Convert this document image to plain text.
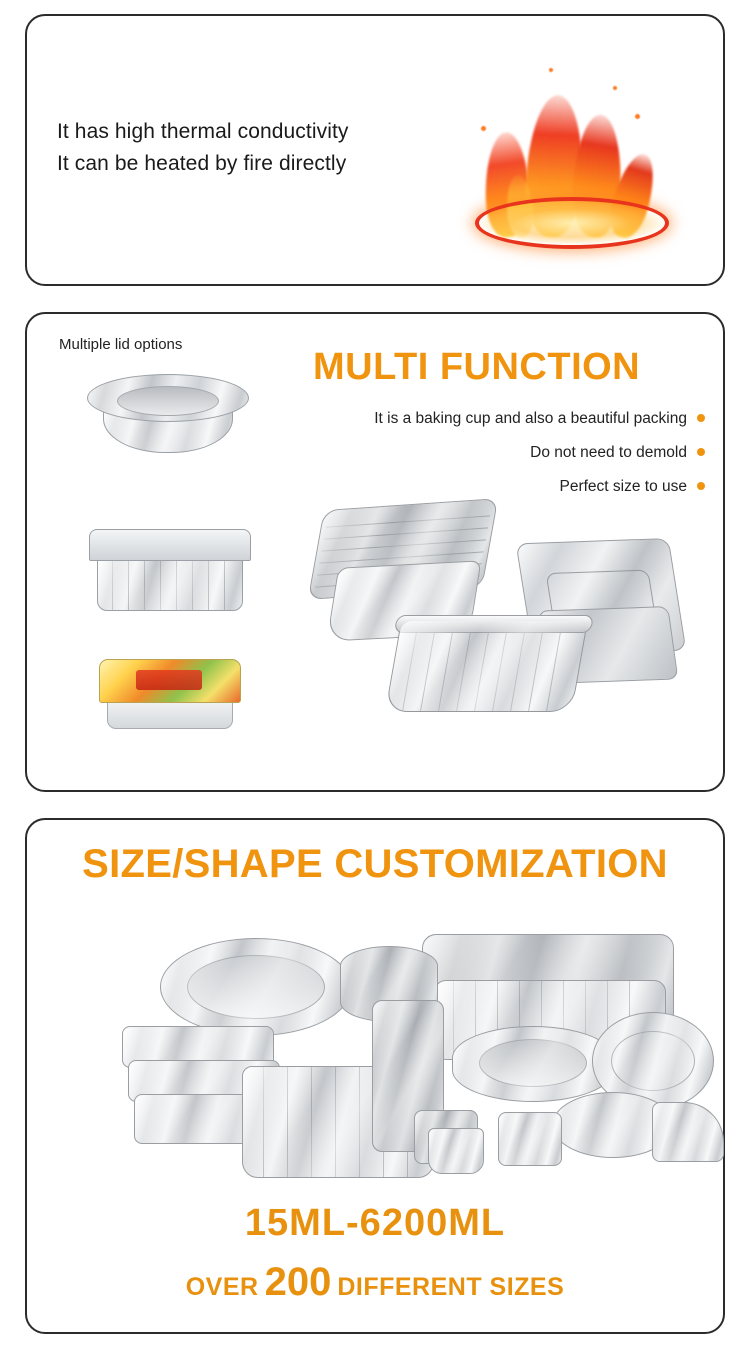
It has high thermal conductivity
It can be heated by fire directly
Multiple lid options
MULTI FUNCTION
It is a baking cup and also a beautiful packing
Do not need to demold
Perfect size to use
SIZE/SHAPE CUSTOMIZATION
15ML-6200ML
OVER 200 DIFFERENT SIZES
